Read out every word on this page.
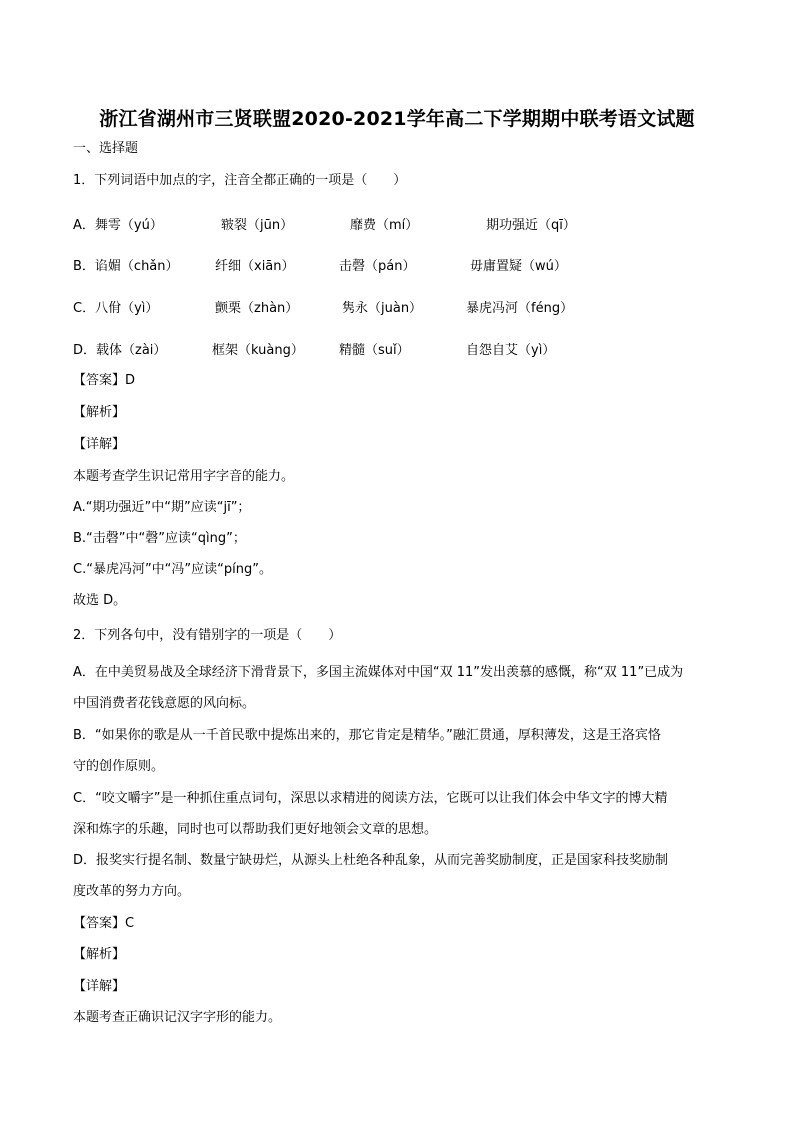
浙江省湖州市三贤联盟2020-2021学年高二下学期期中联考语文试题
一、选择题
1．下列词语中加点的字，注音全都正确的一项是（　　）
A．舞雩（yú）	皲裂（jūn）	靡费（mí）	期功强近（qī）
B．谄媚（chǎn）	纤细（xiān）	击磬（pán）	毋庸置疑（wú）
C．八佾（yì）	颤栗（zhàn）	隽永（juàn）	暴虎冯河（féng）
D．载体（zài）	框架（kuàng）	精髓（suǐ）	自怨自艾（yì）
【答案】D
【解析】
【详解】
本题考查学生识记常用字字音的能力。
A.“期功强近”中“期”应读“jī”；
B.“击磬”中“磬”应读“qìng”；
C.“暴虎冯河”中“冯”应读“píng”。
故选 D。
2．下列各句中，没有错别字的一项是（　　）
A．在中美贸易战及全球经济下滑背景下，多国主流媒体对中国“双 11”发出羡慕的感慨，称“双 11”已成为
中国消费者花钱意愿的风向标。
B．“如果你的歌是从一千首民歌中提炼出来的，那它肯定是精华。”融汇贯通，厚积薄发，这是王洛宾恪
守的创作原则。
C．“咬文嚼字”是一种抓住重点词句，深思以求精进的阅读方法，它既可以让我们体会中华文字的博大精
深和炼字的乐趣，同时也可以帮助我们更好地领会文章的思想。
D．报奖实行提名制、数量宁缺毋烂，从源头上杜绝各种乱象，从而完善奖励制度，正是国家科技奖励制
度改革的努力方向。
【答案】C
【解析】
【详解】
本题考查正确识记汉字字形的能力。
